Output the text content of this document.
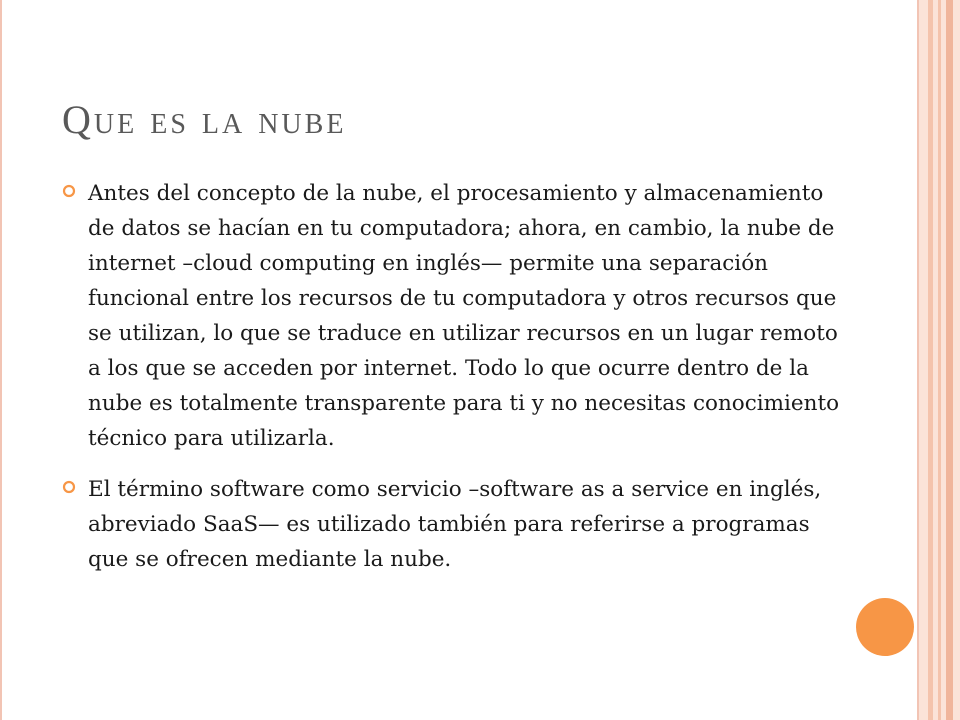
Que es la nube
Antes del concepto de la nube, el procesamiento y almacenamiento de datos se hacían en tu computadora; ahora, en cambio, la nube de internet –cloud computing en inglés— permite una separación funcional entre los recursos de tu computadora y otros recursos que se utilizan, lo que se traduce en utilizar recursos en un lugar remoto a los que se acceden por internet. Todo lo que ocurre dentro de la nube es totalmente transparente para ti y no necesitas conocimiento técnico para utilizarla.
El término software como servicio –software as a service en inglés, abreviado SaaS— es utilizado también para referirse a programas que se ofrecen mediante la nube.
